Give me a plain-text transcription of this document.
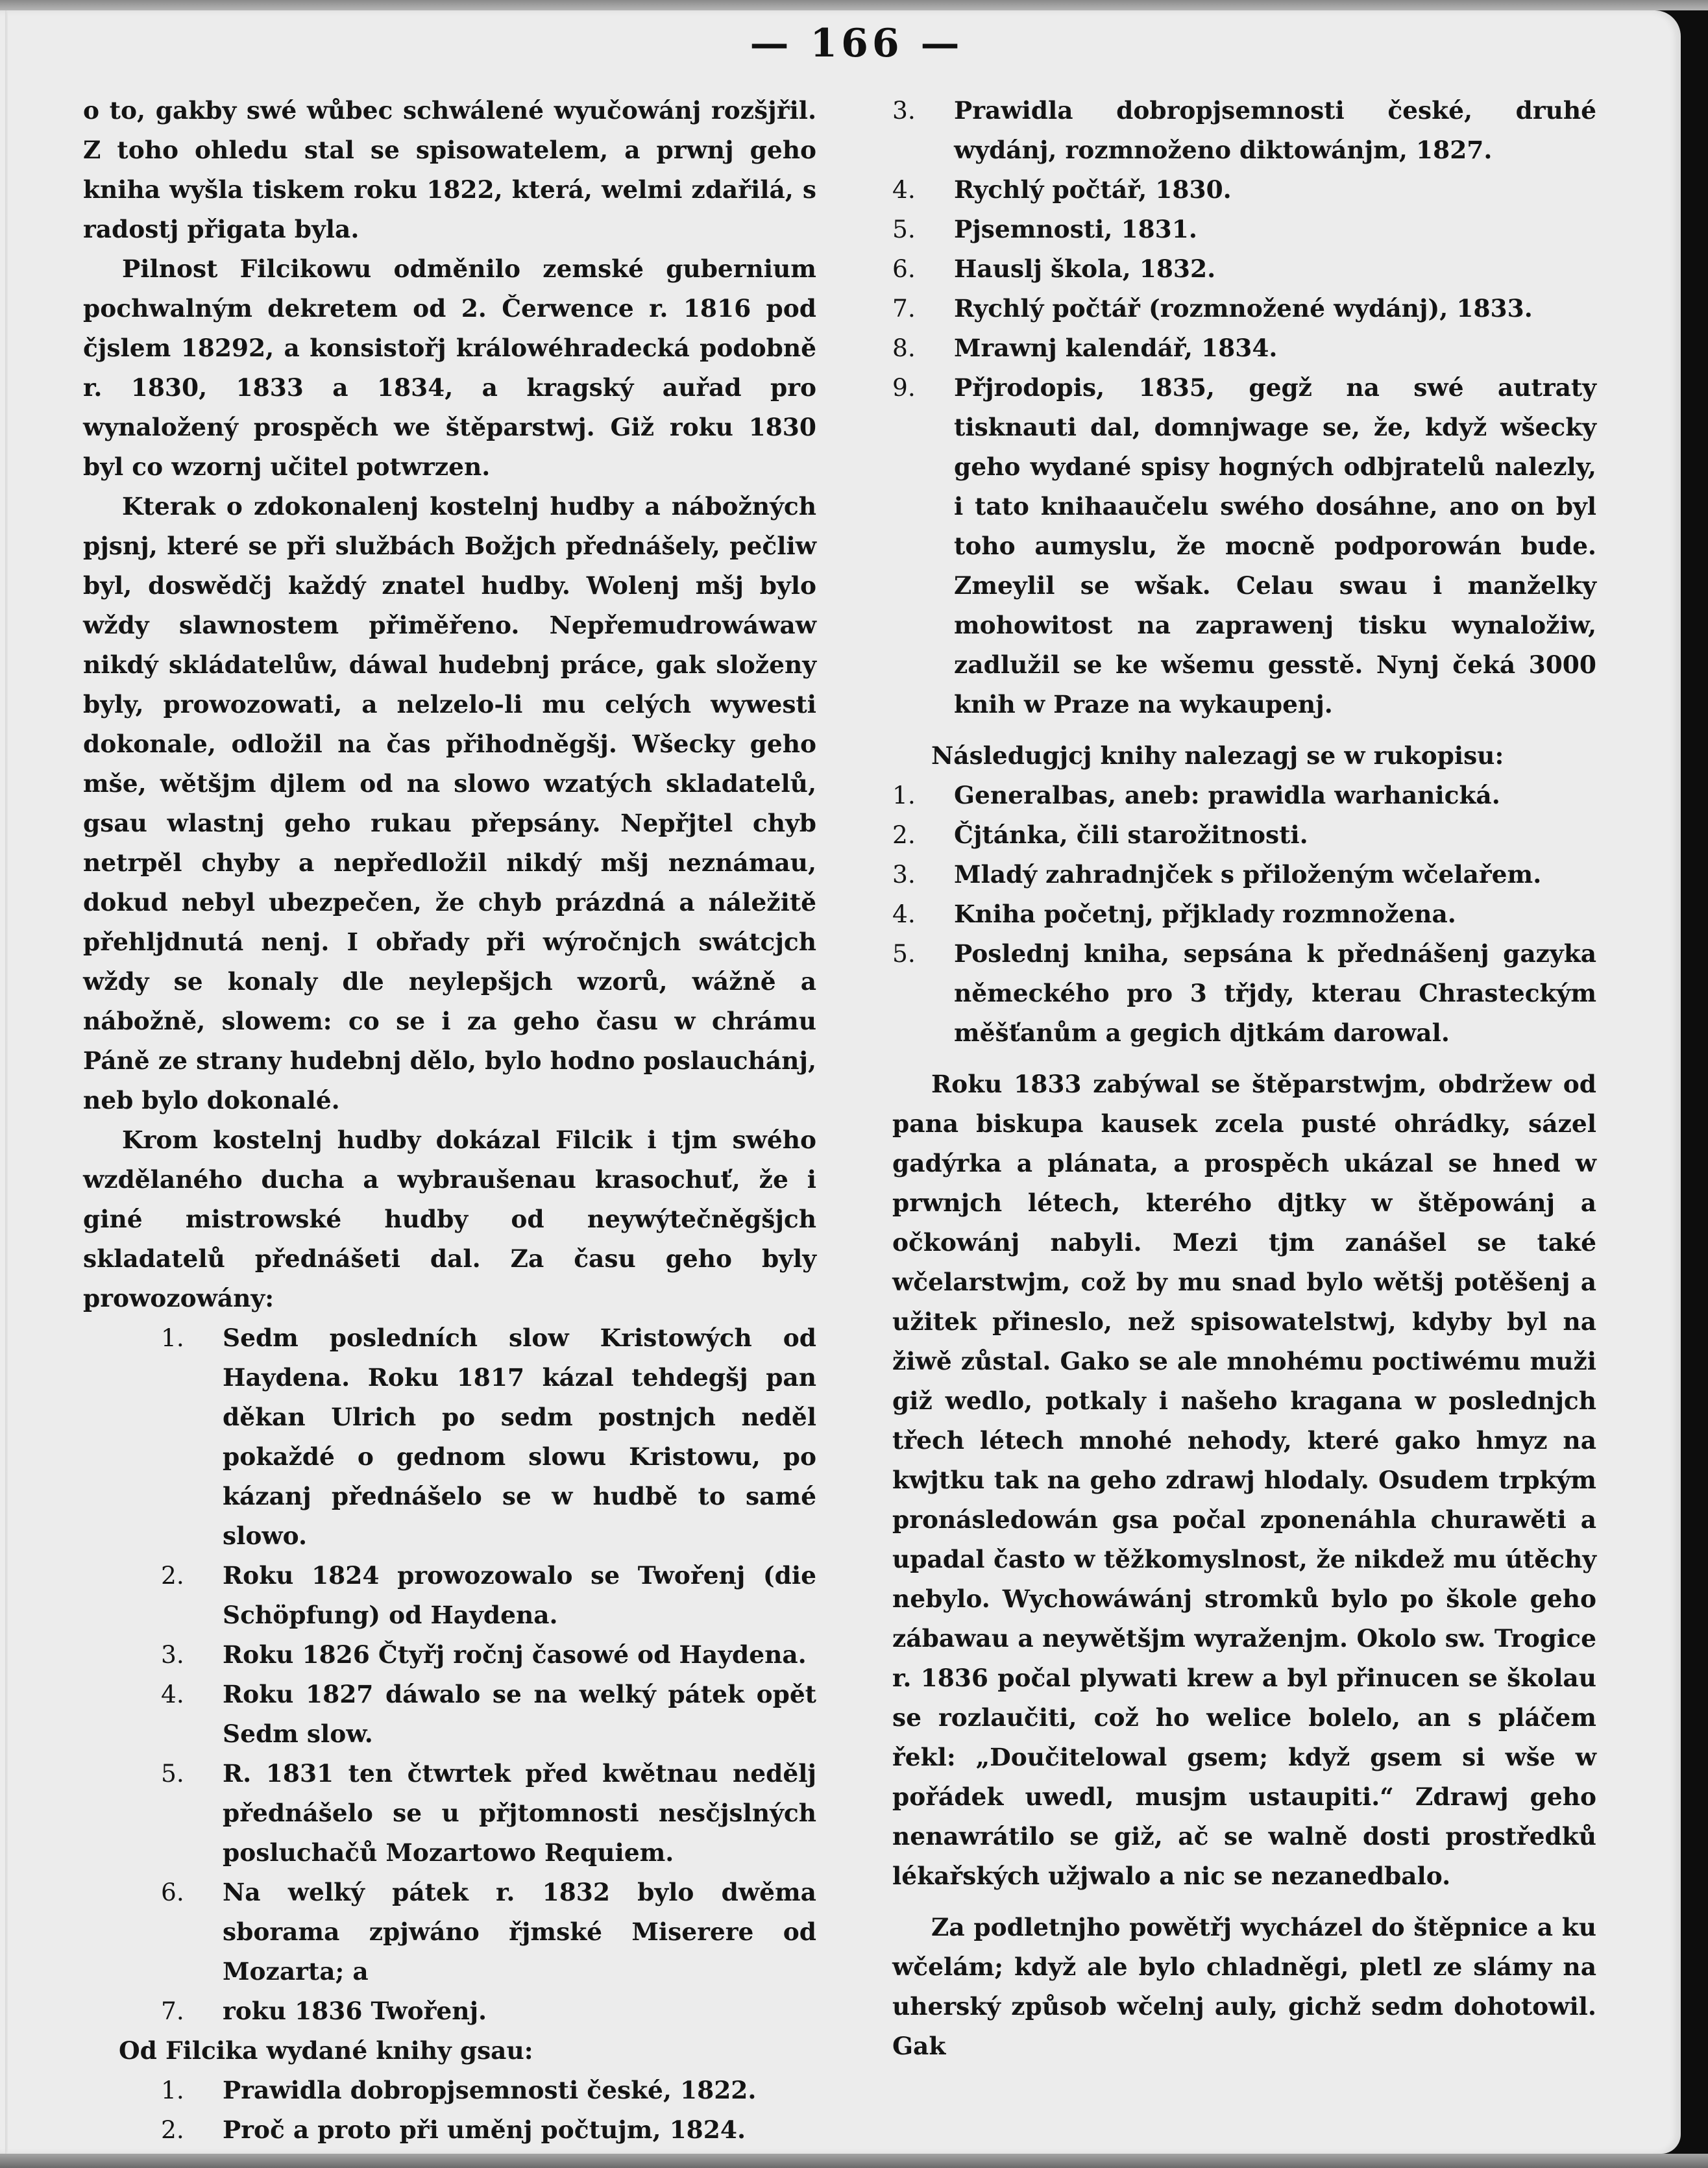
— 166 —

o to, gakby swé wůbec schwálené wyučowánj rozšjřil. Z toho ohledu stal se spisowatelem, a prwnj geho kniha wyšla tiskem roku 1822, která, welmi zdařilá, s radostj přigata byla.

Pilnost Filcikowu odměnilo zemské gubernium pochwalným dekretem od 2. Čerwence r. 1816 pod čjslem 18292, a konsistořj králowéhradecká podobně r. 1830, 1833 a 1834, a kragský auřad pro wynaložený prospěch we štěparstwj. Giž roku 1830 byl co wzornj učitel potwrzen.

Kterak o zdokonalenj kostelnj hudby a nábožných pjsnj, které se při službách Božjch přednášely, pečliw byl, doswědčj každý znatel hudby. Wolenj mšj bylo wždy slawnostem přiměřeno. Nepřemudrowáwaw nikdý skládatelůw, dáwal hudebnj práce, gak složeny byly, prowozowati, a nelzelo-li mu celých wywesti dokonale, odložil na čas přihodněgšj. Wšecky geho mše, wětšjm djlem od na slowo wzatých skladatelů, gsau wlastnj geho rukau přepsány. Nepřjtel chyb netrpěl chyby a nepředložil nikdý mšj neznámau, dokud nebyl ubezpečen, že chyb prázdná a náležitě přehljdnutá nenj. I obřady při wýročnjch swátcjch wždy se konaly dle neylepšjch wzorů, wážně a nábožně, slowem: co se i za geho času w chrámu Páně ze strany hudebnj dělo, bylo hodno poslauchánj, neb bylo dokonalé.

Krom kostelnj hudby dokázal Filcik i tjm swého wzdělaného ducha a wybraušenau krasochuť, že i giné mistrowské hudby od neywýtečněgšjch skladatelů přednášeti dal. Za času geho byly prowozowány:

1.	Sedm posledních slow Kristowých od Haydena. Roku 1817 kázal tehdegšj pan děkan Ulrich po sedm postnjch neděl pokaždé o gednom slowu Kristowu, po kázanj přednášelo se w hudbě to samé slowo.
2.	Roku 1824 prowozowalo se Twořenj (die Schöpfung) od Haydena.
3.	Roku 1826 Čtyřj ročnj časowé od Haydena.
4.	Roku 1827 dáwalo se na welký pátek opět Sedm slow.
5.	R. 1831 ten čtwrtek před kwětnau nedělj přednášelo se u přjtomnosti nesčjslných posluchačů Mozartowo Requiem.
6.	Na welký pátek r. 1832 bylo dwěma sborama zpjwáno řjmské Miserere od Mozarta; a
7.	roku 1836 Twořenj.

Od Filcika wydané knihy gsau:

1.	Prawidla dobropjsemnosti české, 1822.
2.	Proč a proto při uměnj počtujm, 1824.
3.	Prawidla dobropjsemnosti české, druhé wydánj, rozmnoženo diktowánjm, 1827.
4.	Rychlý počtář, 1830.
5.	Pjsemnosti, 1831.
6.	Hauslj škola, 1832.
7.	Rychlý počtář (rozmnožené wydánj), 1833.
8.	Mrawnj kalendář, 1834.
9.	Přjrodopis, 1835, gegž na swé autraty tisknauti dal, domnjwage se, že, když wšecky geho wydané spisy hogných odbjratelů nalezly, i tato knihaaučelu swého dosáhne, ano on byl toho aumyslu, že mocně podporowán bude. Zmeylil se wšak. Celau swau i manželky mohowitost na zaprawenj tisku wynaložiw, zadlužil se ke wšemu gesstě. Nynj čeká 3000 knih w Praze na wykaupenj.

Následugjcj knihy nalezagj se w rukopisu:

1.	Generalbas, aneb: prawidla warhanická.
2.	Čjtánka, čili starožitnosti.
3.	Mladý zahradnjček s přiloženým wčelařem.
4.	Kniha početnj, přjklady rozmnožena.
5.	Poslednj kniha, sepsána k přednášenj gazyka německého pro 3 třjdy, kterau Chrasteckým měšťanům a gegich djtkám darowal.

Roku 1833 zabýwal se štěparstwjm, obdržew od pana biskupa kausek zcela pusté ohrádky, sázel gadýrka a plánata, a prospěch ukázal se hned w prwnjch létech, kterého djtky w štěpowánj a očkowánj nabyli. Mezi tjm zanášel se také wčelarstwjm, což by mu snad bylo wětšj potěšenj a užitek přineslo, než spisowatelstwj, kdyby byl na žiwě zůstal. Gako se ale mnohému poctiwému muži giž wedlo, potkaly i našeho kragana w poslednjch třech létech mnohé nehody, které gako hmyz na kwjtku tak na geho zdrawj hlodaly. Osudem trpkým pronásledowán gsa počal zponenáhla churawěti a upadal často w těžkomyslnost, že nikdež mu útěchy nebylo. Wychowáwánj stromků bylo po škole geho zábawau a neywětšjm wyraženjm. Okolo sw. Trogice r. 1836 počal plywati krew a byl přinucen se školau se rozlaučiti, což ho welice bolelo, an s pláčem řekl: „Doučitelowal gsem; když gsem si wše w pořádek uwedl, musjm ustaupiti.“ Zdrawj geho nenawrátilo se giž, ač se walně dosti prostředků lékařských užjwalo a nic se nezanedbalo.

Za podletnjho powětřj wycházel do štěpnice a ku wčelám; když ale bylo chladněgi, pletl ze slámy na uherský způsob wčelnj auly, gichž sedm dohotowil. Gak
